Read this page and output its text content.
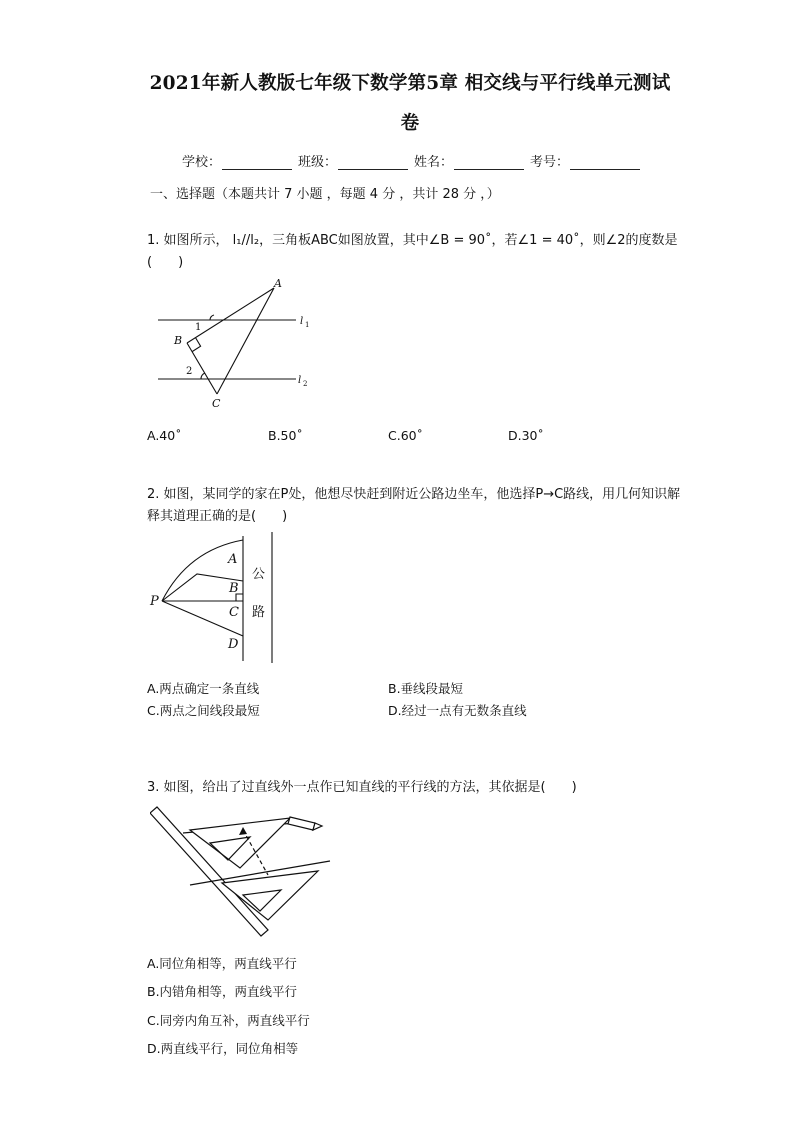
2021年新人教版七年级下数学第5章 相交线与平行线单元测试
卷
学校：	班级：	姓名：	考号：
一、选择题（本题共计 7 小题 ，每题 4 分 ，共计 28 分 ，）
1. 如图所示， l₁//l₂，三角板ABC如图放置，其中∠B = 90˚，若∠1 = 40˚，则∠2的度数是(　　)
A
B
C
1
2
l 1
l 2
A.40˚	B.50˚	C.60˚	D.30˚
2. 如图，某同学的家在P处，他想尽快赶到附近公路边坐车，他选择P→C路线，用几何知识解释其道理正确的是(　　)
P
A
B
C
D
公
路
A.两点确定一条直线	B.垂线段最短
C.两点之间线段最短	D.经过一点有无数条直线
3. 如图，给出了过直线外一点作已知直线的平行线的方法，其依据是(　　)
A.同位角相等，两直线平行
B.内错角相等，两直线平行
C.同旁内角互补，两直线平行
D.两直线平行，同位角相等
